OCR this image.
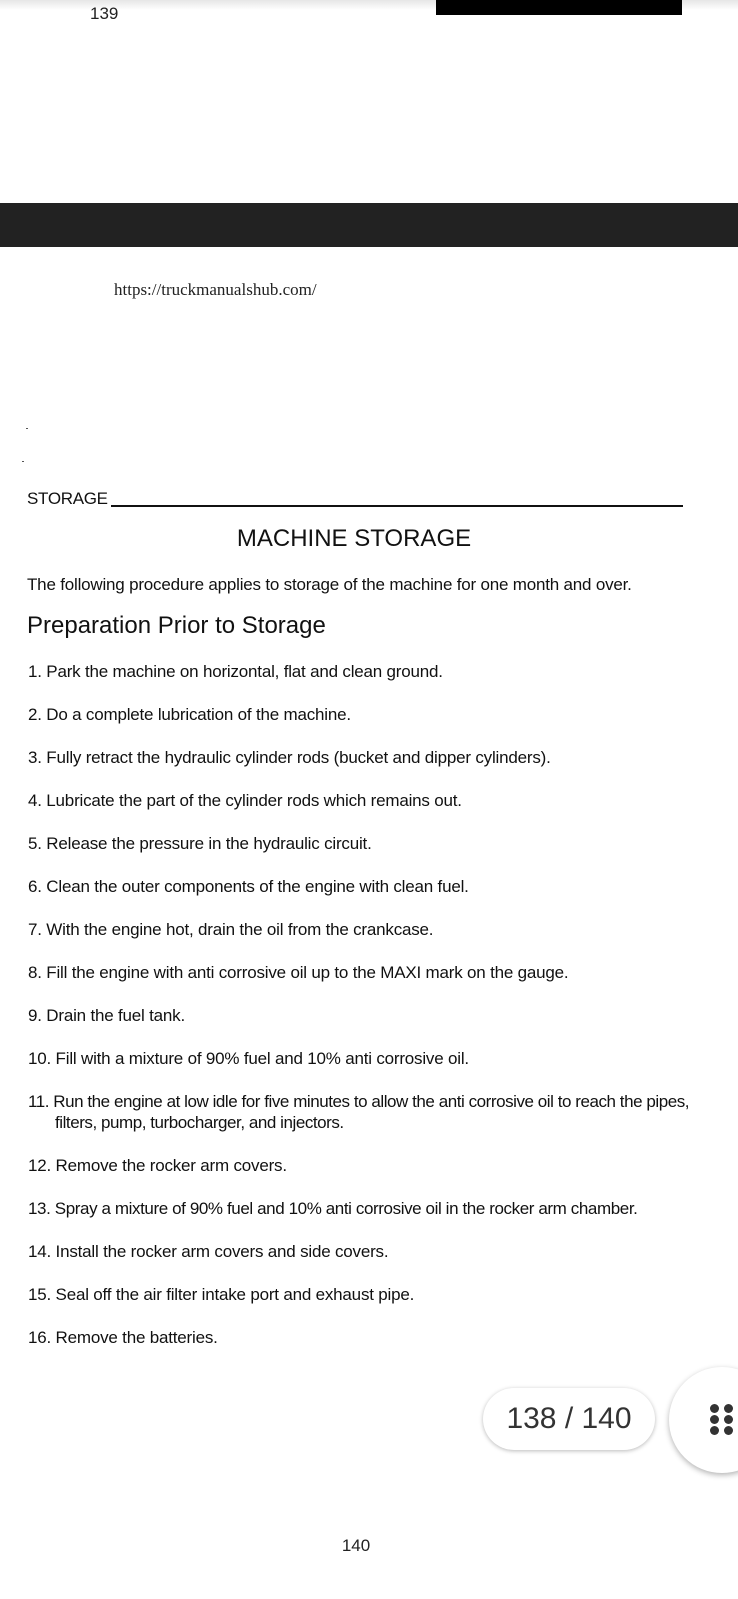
139
https://truckmanualshub.com/
STORAGE
MACHINE STORAGE
The following procedure applies to storage of the machine for one month and over.
Preparation Prior to Storage
1. Park the machine on horizontal, flat and clean ground.
2. Do a complete lubrication of the machine.
3. Fully retract the hydraulic cylinder rods (bucket and dipper cylinders).
4. Lubricate the part of the cylinder rods which remains out.
5. Release the pressure in the hydraulic circuit.
6. Clean the outer components of the engine with clean fuel.
7. With the engine hot, drain the oil from the crankcase.
8. Fill the engine with anti corrosive oil up to the MAXI mark on the gauge.
9. Drain the fuel tank.
10. Fill with a mixture of 90% fuel and 10% anti corrosive oil.
11. Run the engine at low idle for five minutes to allow the anti corrosive oil to reach the pipes, filters, pump, turbocharger, and injectors.
12. Remove the rocker arm covers.
13. Spray a mixture of 90% fuel and 10% anti corrosive oil in the rocker arm chamber.
14. Install the rocker arm covers and side covers.
15. Seal off the air filter intake port and exhaust pipe.
16. Remove the batteries.
138 / 140
140
